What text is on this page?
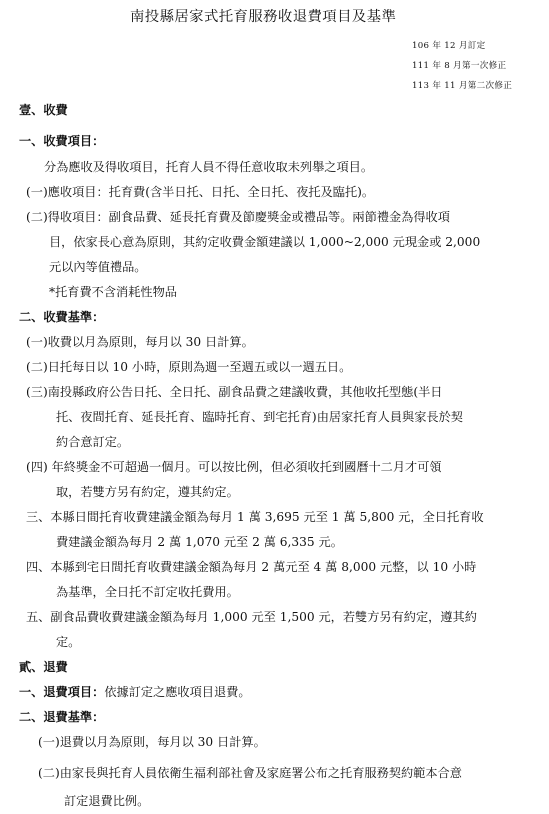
南投縣居家式托育服務收退費項目及基準
106 年 12 月訂定
111 年 8 月第一次修正
113 年 11 月第二次修正
壹、收費
一、收費項目：
分為應收及得收項目，托育人員不得任意收取未列舉之項目。
(一)應收項目：托育費(含半日托、日托、全日托、夜托及臨托)。
(二)得收項目：副食品費、延長托育費及節慶獎金或禮品等。兩節禮金為得收項
目，依家長心意為原則，其約定收費金額建議以 1,000~2,000 元現金或 2,000
元以內等值禮品。
*托育費不含消耗性物品
二、收費基準：
(一)收費以月為原則，每月以 30 日計算。
(二)日托每日以 10 小時，原則為週一至週五或以一週五日。
(三)南投縣政府公告日托、全日托、副食品費之建議收費，其他收托型態(半日
托、夜間托育、延長托育、臨時托育、到宅托育)由居家托育人員與家長於契
約合意訂定。
(四) 年終獎金不可超過一個月。可以按比例，但必須收托到國曆十二月才可領
取，若雙方另有約定，遵其約定。
三、本縣日間托育收費建議金額為每月 1 萬 3,695 元至 1 萬 5,800 元，全日托育收
費建議金額為每月 2 萬 1,070 元至 2 萬 6,335 元。
四、本縣到宅日間托育收費建議金額為每月 2 萬元至 4 萬 8,000 元整，以 10 小時
為基準，全日托不訂定收托費用。
五、副食品費收費建議金額為每月 1,000 元至 1,500 元，若雙方另有約定，遵其約
定。
貳、退費
一、退費項目：依據訂定之應收項目退費。
二、退費基準：
(一)退費以月為原則，每月以 30 日計算。
(二)由家長與托育人員依衛生福利部社會及家庭署公布之托育服務契約範本合意
訂定退費比例。
